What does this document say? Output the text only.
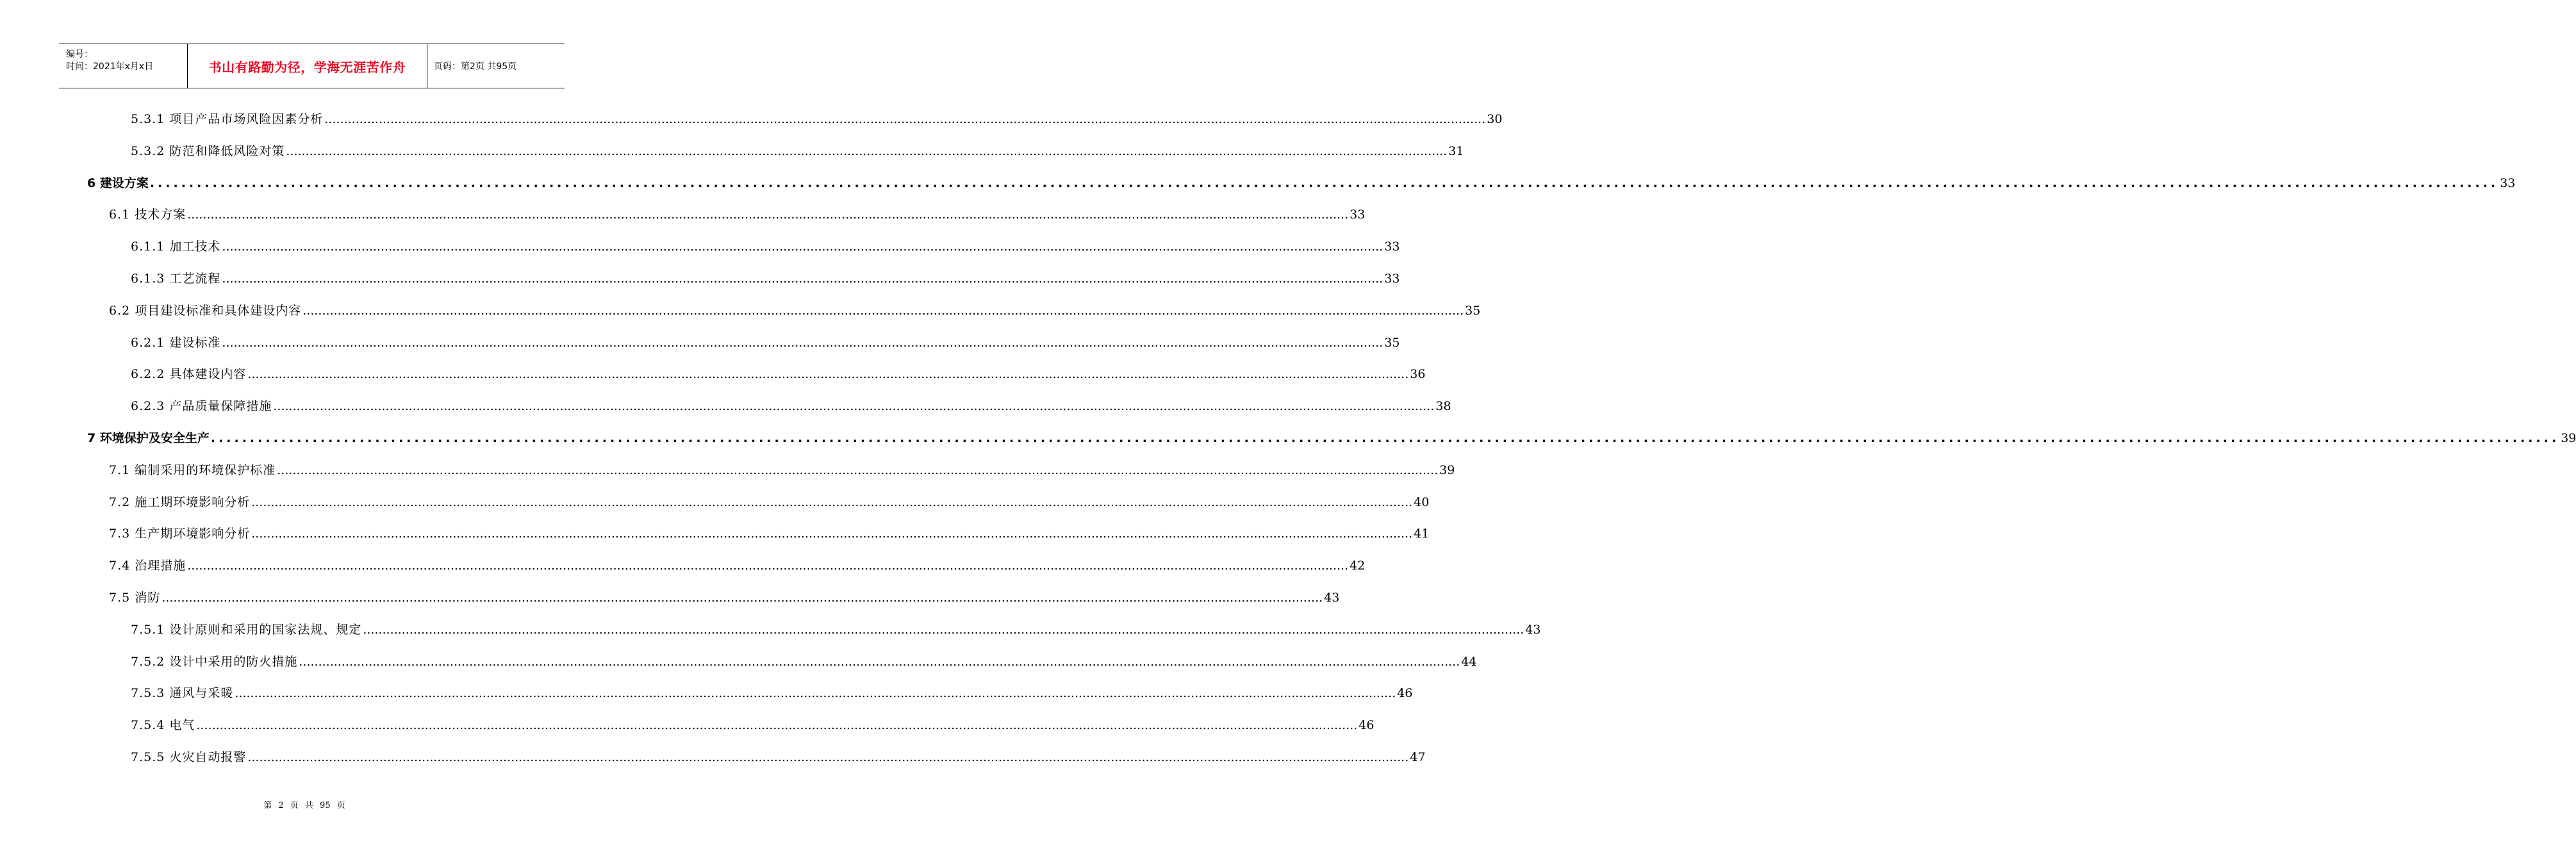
编号：
时间：2021年x月x日	书山有路勤为径，学海无涯苦作舟	页码：第2页 共95页
5.3.1 项目产品市场风险因素分析 ............................................................................................................................................................................................................................................................................................................ 30
5.3.2 防范和降低风险对策 ............................................................................................................................................................................................................................................................................................................ 31
6 建设方案 ............................................................................................................................................................................................................................................................................................................ 33
6.1 技术方案 ............................................................................................................................................................................................................................................................................................................ 33
6.1.1 加工技术 ............................................................................................................................................................................................................................................................................................................ 33
6.1.3 工艺流程 ............................................................................................................................................................................................................................................................................................................ 33
6.2 项目建设标准和具体建设内容 ............................................................................................................................................................................................................................................................................................................ 35
6.2.1 建设标准 ............................................................................................................................................................................................................................................................................................................ 35
6.2.2 具体建设内容 ............................................................................................................................................................................................................................................................................................................ 36
6.2.3 产品质量保障措施 ............................................................................................................................................................................................................................................................................................................ 38
7 环境保护及安全生产 ............................................................................................................................................................................................................................................................................................................ 39
7.1 编制采用的环境保护标准 ............................................................................................................................................................................................................................................................................................................ 39
7.2 施工期环境影响分析 ............................................................................................................................................................................................................................................................................................................ 40
7.3 生产期环境影响分析 ............................................................................................................................................................................................................................................................................................................ 41
7.4 治理措施 ............................................................................................................................................................................................................................................................................................................ 42
7.5 消防 ............................................................................................................................................................................................................................................................................................................ 43
7.5.1 设计原则和采用的国家法规、规定 ............................................................................................................................................................................................................................................................................................................ 43
7.5.2 设计中采用的防火措施 ............................................................................................................................................................................................................................................................................................................ 44
7.5.3 通风与采暖 ............................................................................................................................................................................................................................................................................................................ 46
7.5.4 电气 ............................................................................................................................................................................................................................................................................................................ 46
7.5.5 火灾自动报警 ............................................................................................................................................................................................................................................................................................................ 47
第 2 页 共 95 页
